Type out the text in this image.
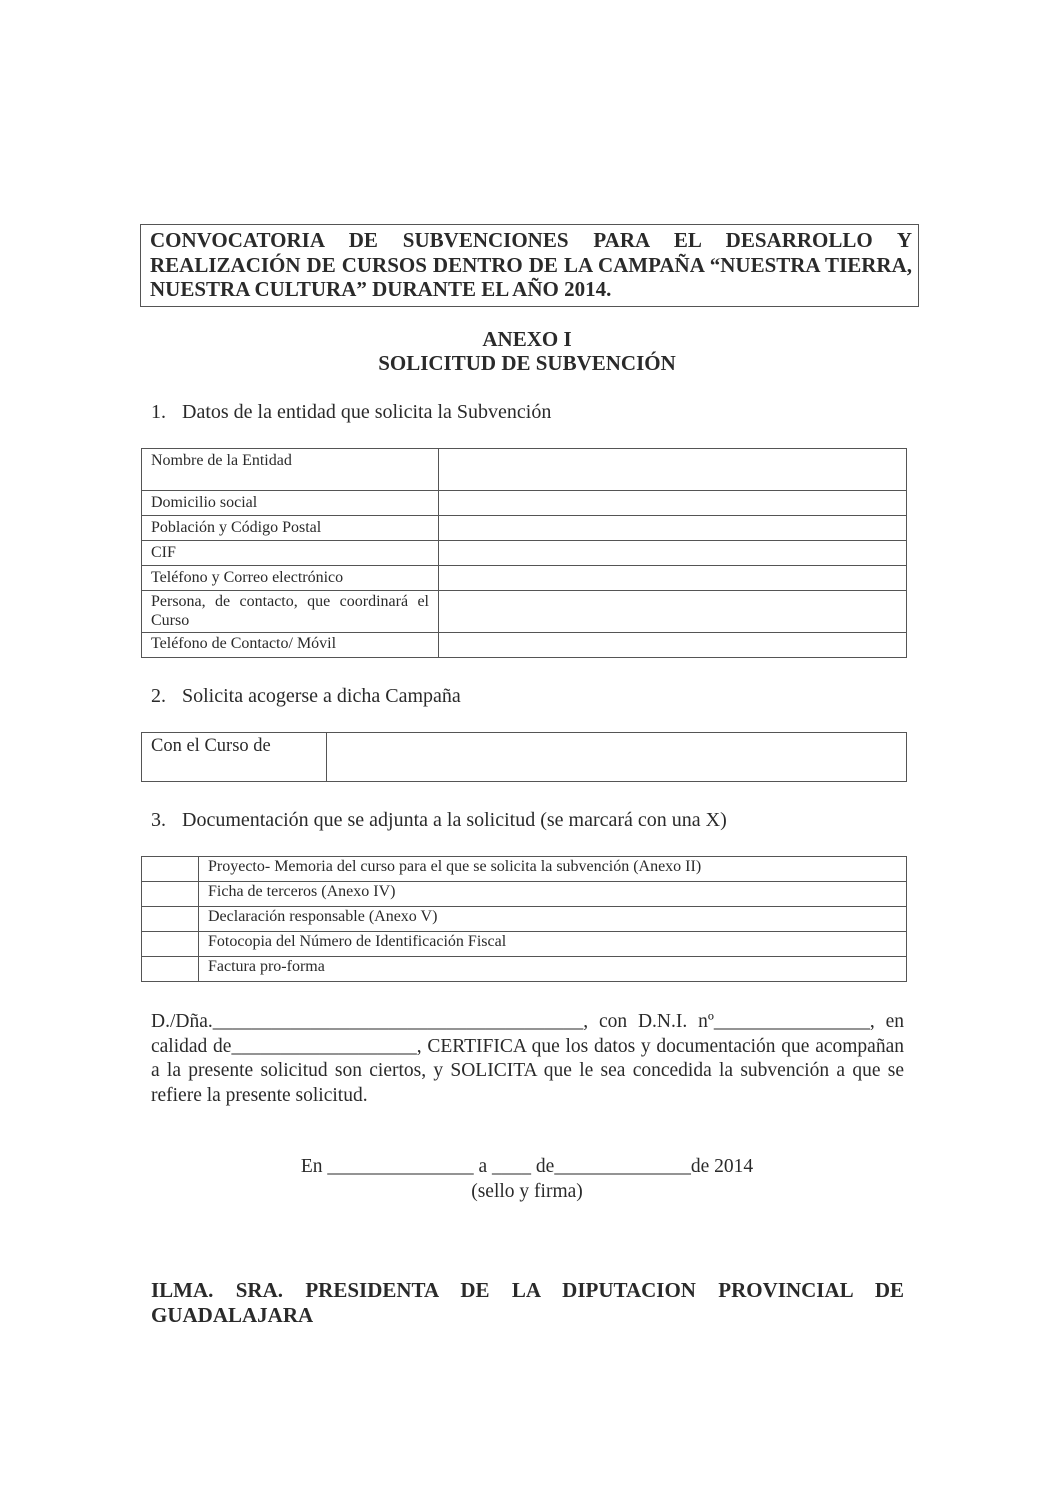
CONVOCATORIA DE SUBVENCIONES PARA EL DESARROLLO Y REALIZACIÓN DE CURSOS DENTRO DE LA CAMPAÑA “NUESTRA TIERRA, NUESTRA CULTURA” DURANTE EL AÑO 2014.
ANEXO I
SOLICITUD DE SUBVENCIÓN
1. Datos de la entidad que solicita la Subvención
Nombre de la Entidad	
Domicilio social	
Población y Código Postal	
CIF	
Teléfono y Correo electrónico	
Persona, de contacto, que coordinará el Curso	
Teléfono de Contacto/ Móvil	
2. Solicita acogerse a dicha Campaña
Con el Curso de	
3. Documentación que se adjunta a la solicitud (se marcará con una X)
	Proyecto- Memoria del curso para el que se solicita la subvención (Anexo II)
	Ficha de terceros (Anexo IV)
	Declaración responsable (Anexo V)
	Fotocopia del Número de Identificación Fiscal
	Factura pro-forma
D./Dña.______________________________________, con D.N.I. nº________________, en calidad de___________________, CERTIFICA que los datos y documentación que acompañan a la presente solicitud son ciertos, y SOLICITA que le sea concedida la subvención a que se refiere la presente solicitud.
En _______________ a ____ de______________de 2014
(sello y firma)
ILMA. SRA. PRESIDENTA DE LA DIPUTACION PROVINCIAL DE GUADALAJARA
